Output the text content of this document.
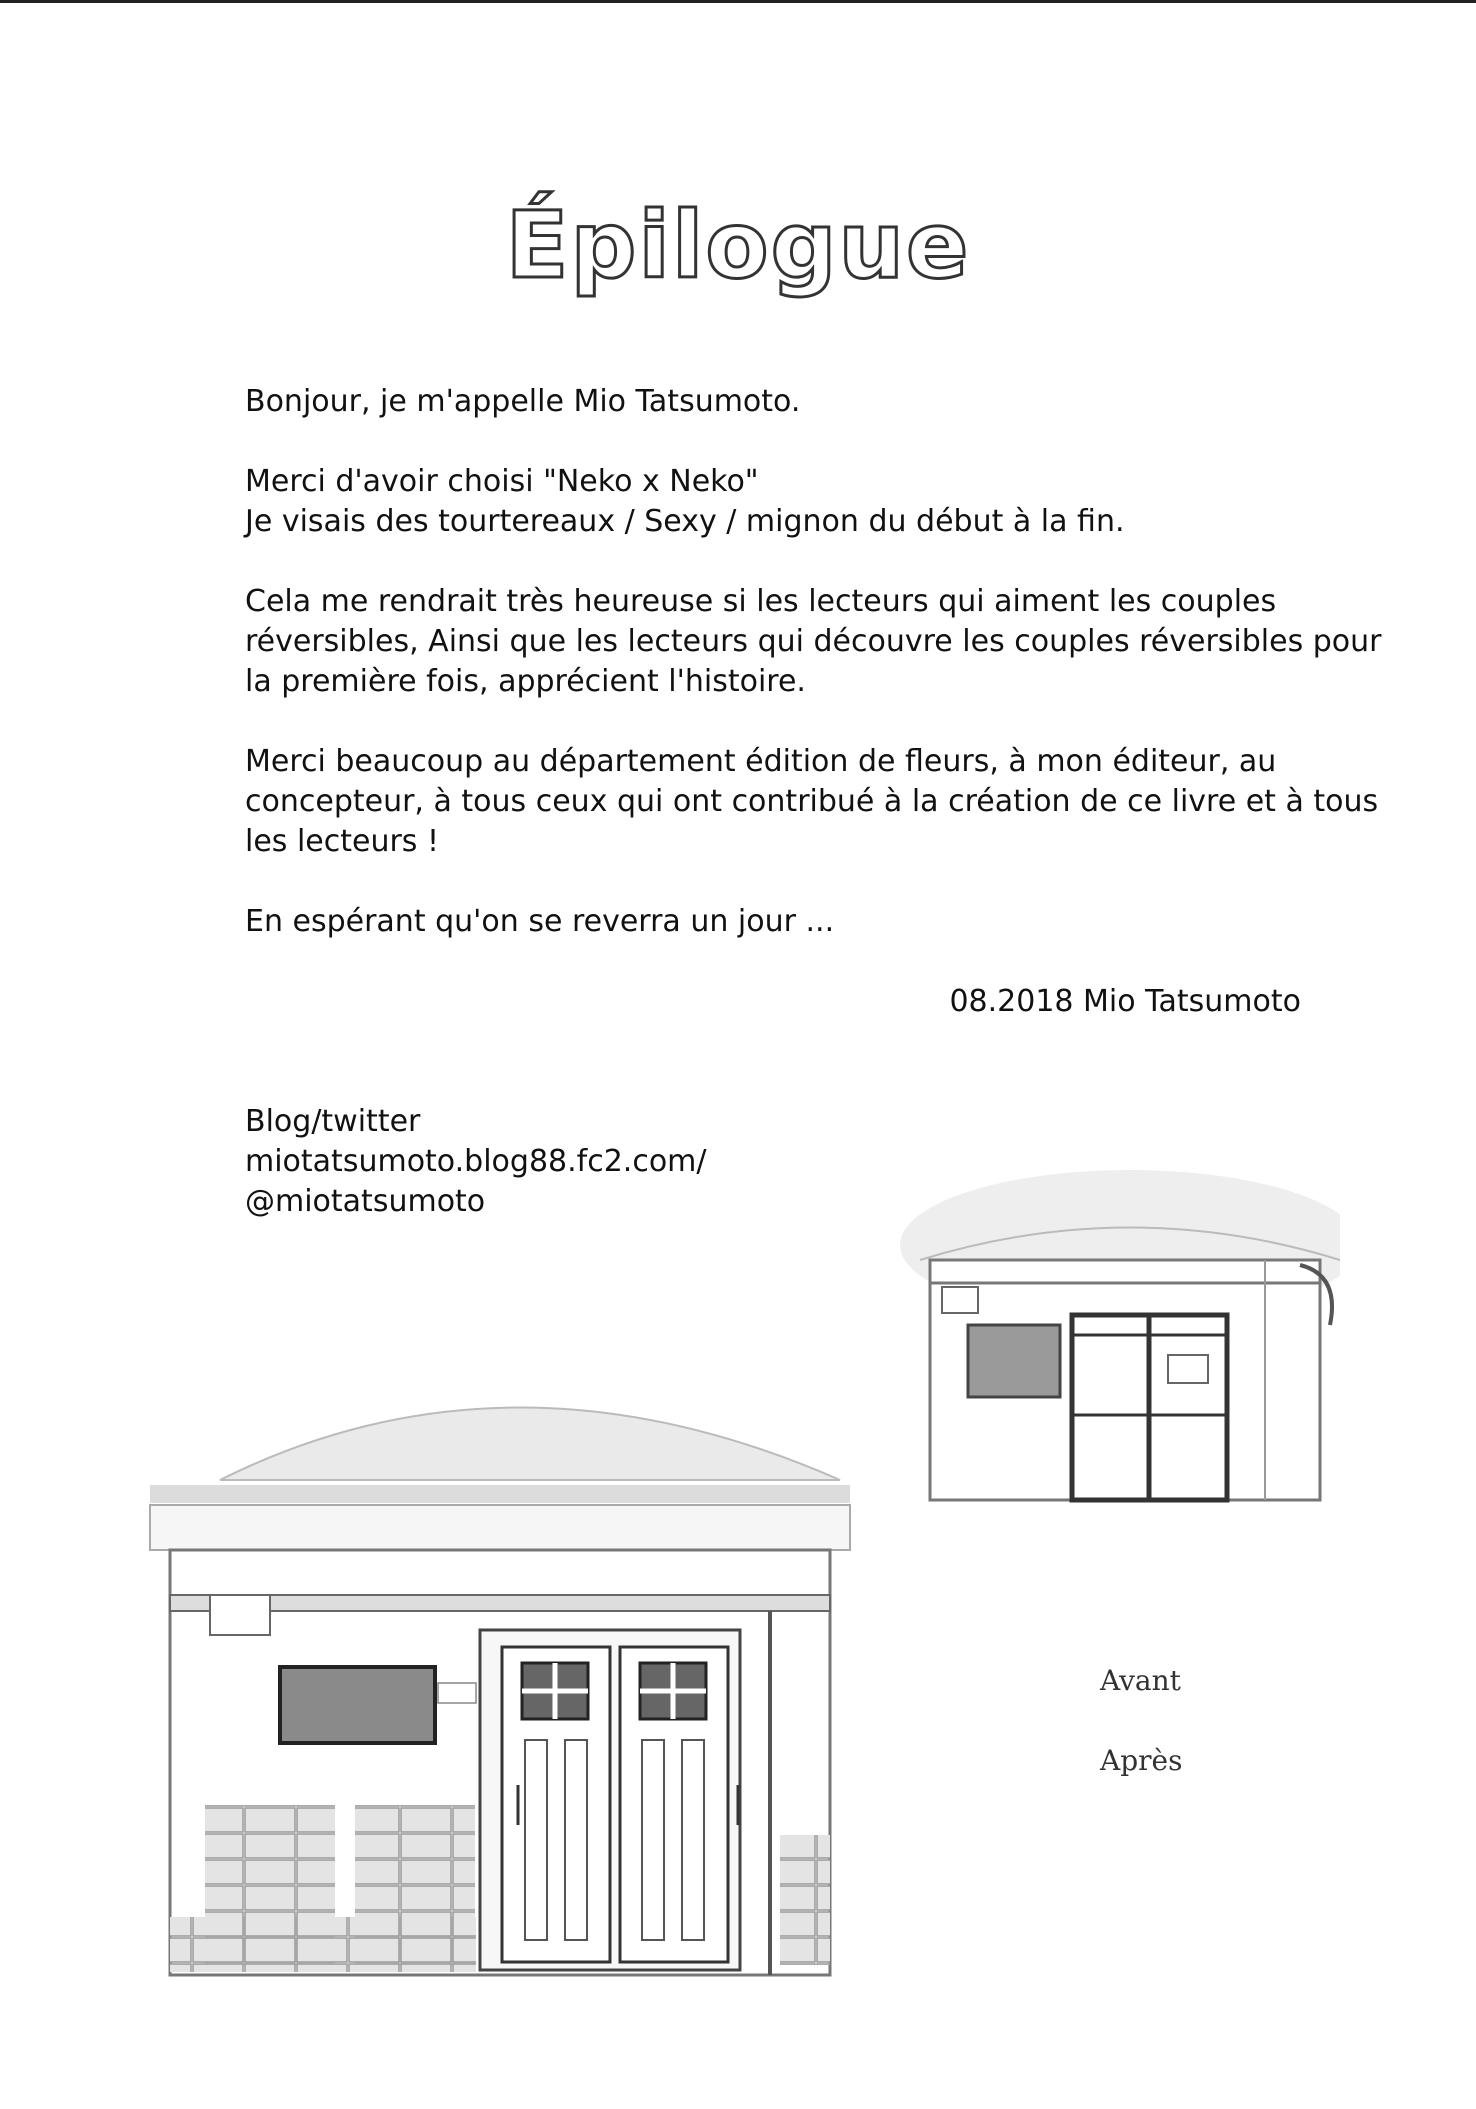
Épilogue
Bonjour, je m'appelle Mio Tatsumoto.
Merci d'avoir choisi "Neko x Neko"
Je visais des tourtereaux / Sexy / mignon du début à la fin.
Cela me rendrait très heureuse si les lecteurs qui aiment les couples
réversibles, Ainsi que les lecteurs qui découvre les couples réversibles pour
la première fois, apprécient l'histoire.
Merci beaucoup au département édition de fleurs, à mon éditeur, au
concepteur, à tous ceux qui ont contribué à la création de ce livre et à tous
les lecteurs !
En espérant qu'on se reverra un jour ...
08.2018 Mio Tatsumoto
Blog/twitter
miotatsumoto.blog88.fc2.com/
@miotatsumoto
Avant
Après
